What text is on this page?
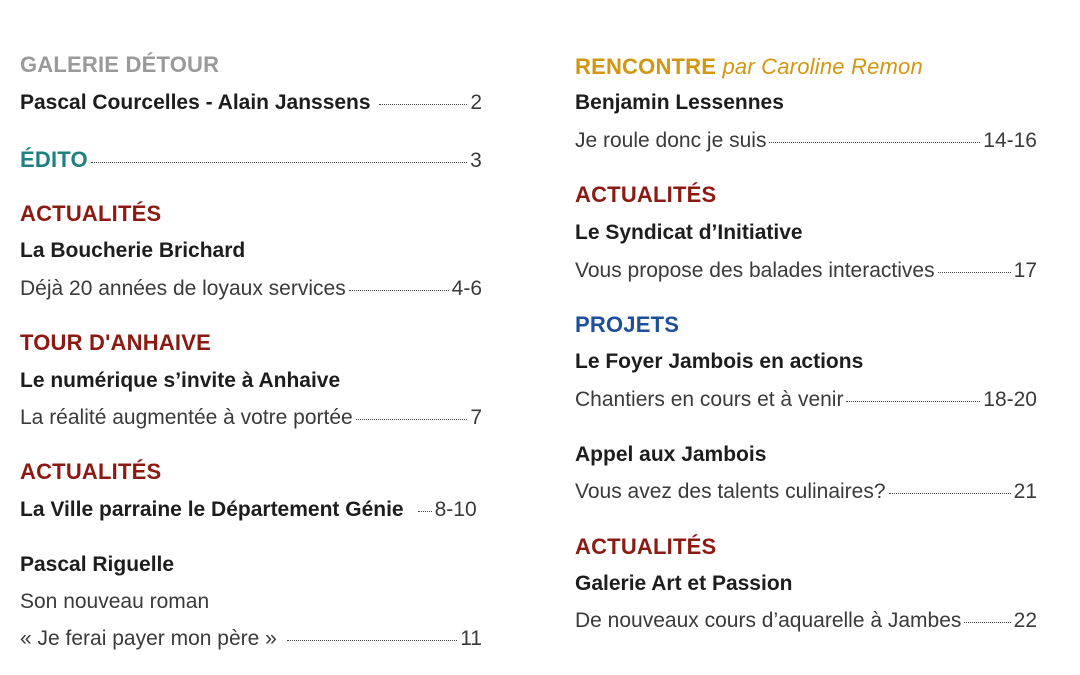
GALERIE DÉTOUR
Pascal Courcelles - Alain Janssens	2
ÉDITO	3
ACTUALITÉS
La Boucherie Brichard
Déjà 20 années de loyaux services	4-6
TOUR D'ANHAIVE
Le numérique s’invite à Anhaive
La réalité augmentée à votre portée	7
ACTUALITÉS
La Ville parraine le Département Génie 8-10
Pascal Riguelle
Son nouveau roman
« Je ferai payer mon père »	11
RENCONTRE par Caroline Remon
Benjamin Lessennes
Je roule donc je suis	14-16
ACTUALITÉS
Le Syndicat d’Initiative
Vous propose des balades interactives	17
PROJETS
Le Foyer Jambois en actions
Chantiers en cours et à venir	18-20
Appel aux Jambois
Vous avez des talents culinaires?	21
ACTUALITÉS
Galerie Art et Passion
De nouveaux cours d’aquarelle à Jambes 22
